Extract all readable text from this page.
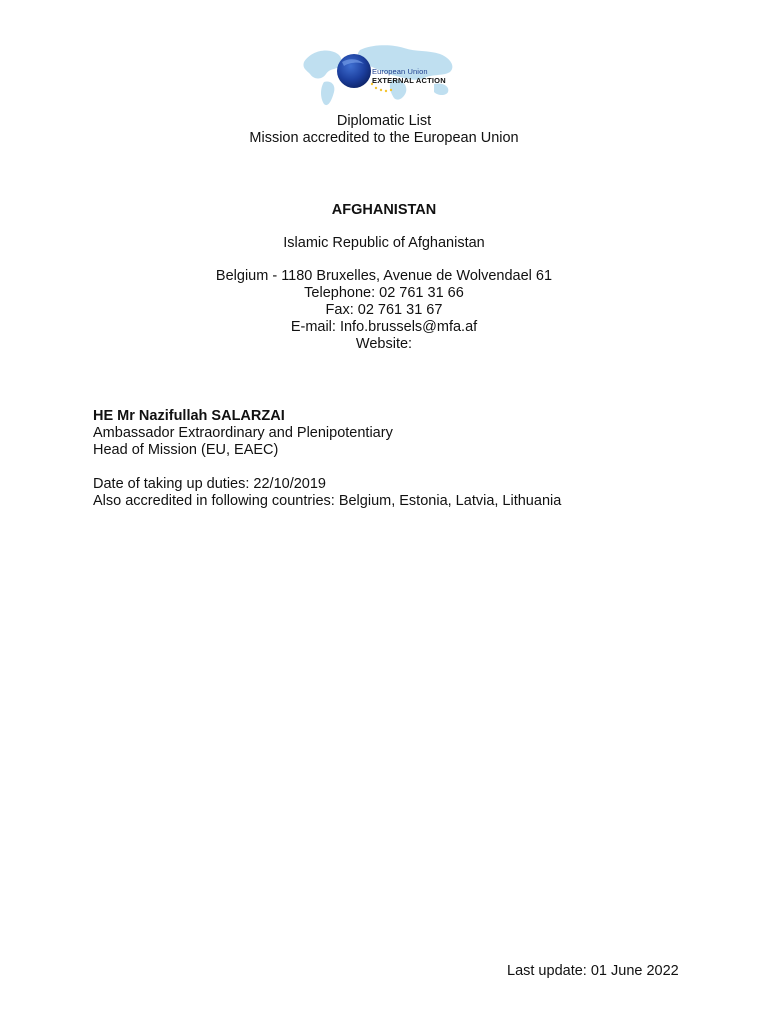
European Union
EXTERNAL ACTION
Diplomatic List
Mission accredited to the European Union
AFGHANISTAN
Islamic Republic of Afghanistan
Belgium - 1180 Bruxelles, Avenue de Wolvendael 61
Telephone: 02 761 31 66
Fax: 02 761 31 67
E-mail: Info.brussels@mfa.af
Website:
HE Mr Nazifullah SALARZAI
Ambassador Extraordinary and Plenipotentiary
Head of Mission (EU, EAEC)
Date of taking up duties: 22/10/2019
Also accredited in following countries: Belgium, Estonia, Latvia, Lithuania
Last update: 01 June 2022
